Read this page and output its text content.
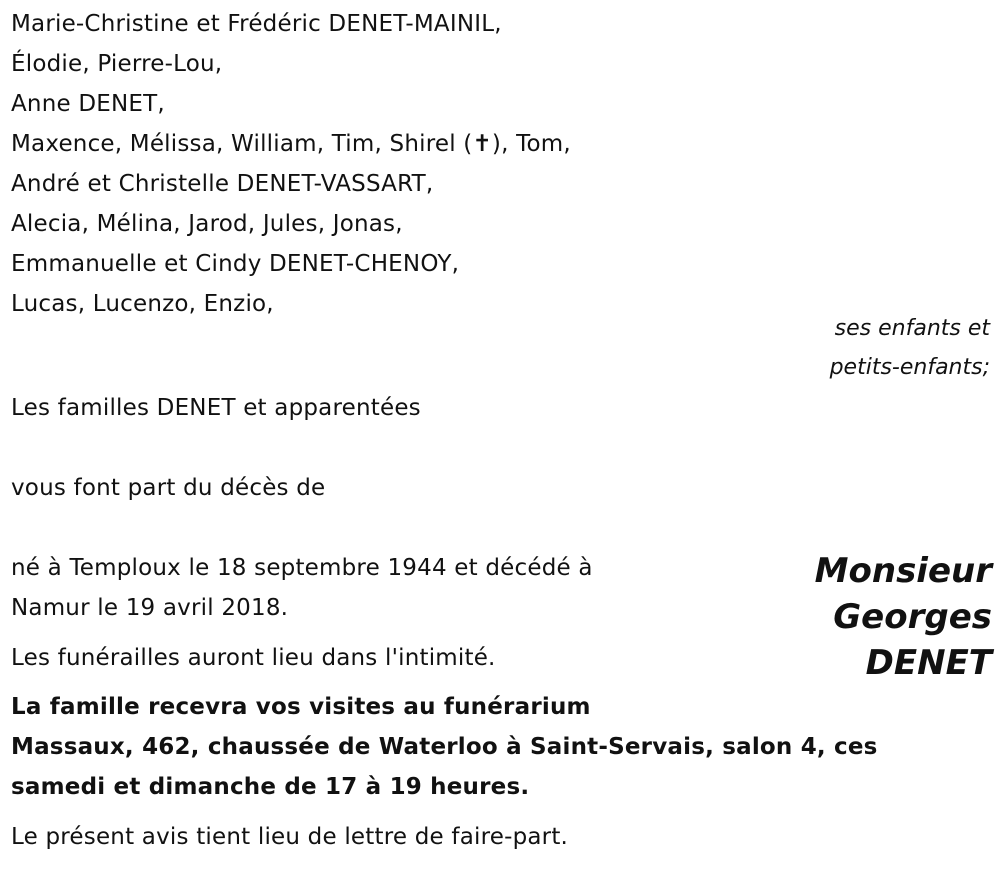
Marie-Christine et Frédéric DENET-MAINIL,
Élodie, Pierre-Lou,
Anne DENET,
Maxence, Mélissa, William, Tim, Shirel (✝), Tom,
André et Christelle DENET-VASSART,
Alecia, Mélina, Jarod, Jules, Jonas,
Emmanuelle et Cindy DENET-CHENOY,
Lucas, Lucenzo, Enzio,
ses enfants et
petits-enfants;
Les familles DENET et apparentées
vous font part du décès de
Monsieur
Georges
DENET
né à Temploux le 18 septembre 1944 et décédé à
Namur le 19 avril 2018.
Les funérailles auront lieu dans l'intimité.
La famille recevra vos visites au funérarium
Massaux, 462, chaussée de Waterloo à Saint-Servais, salon 4, ces
samedi et dimanche de 17 à 19 heures.
Le présent avis tient lieu de lettre de faire-part.
